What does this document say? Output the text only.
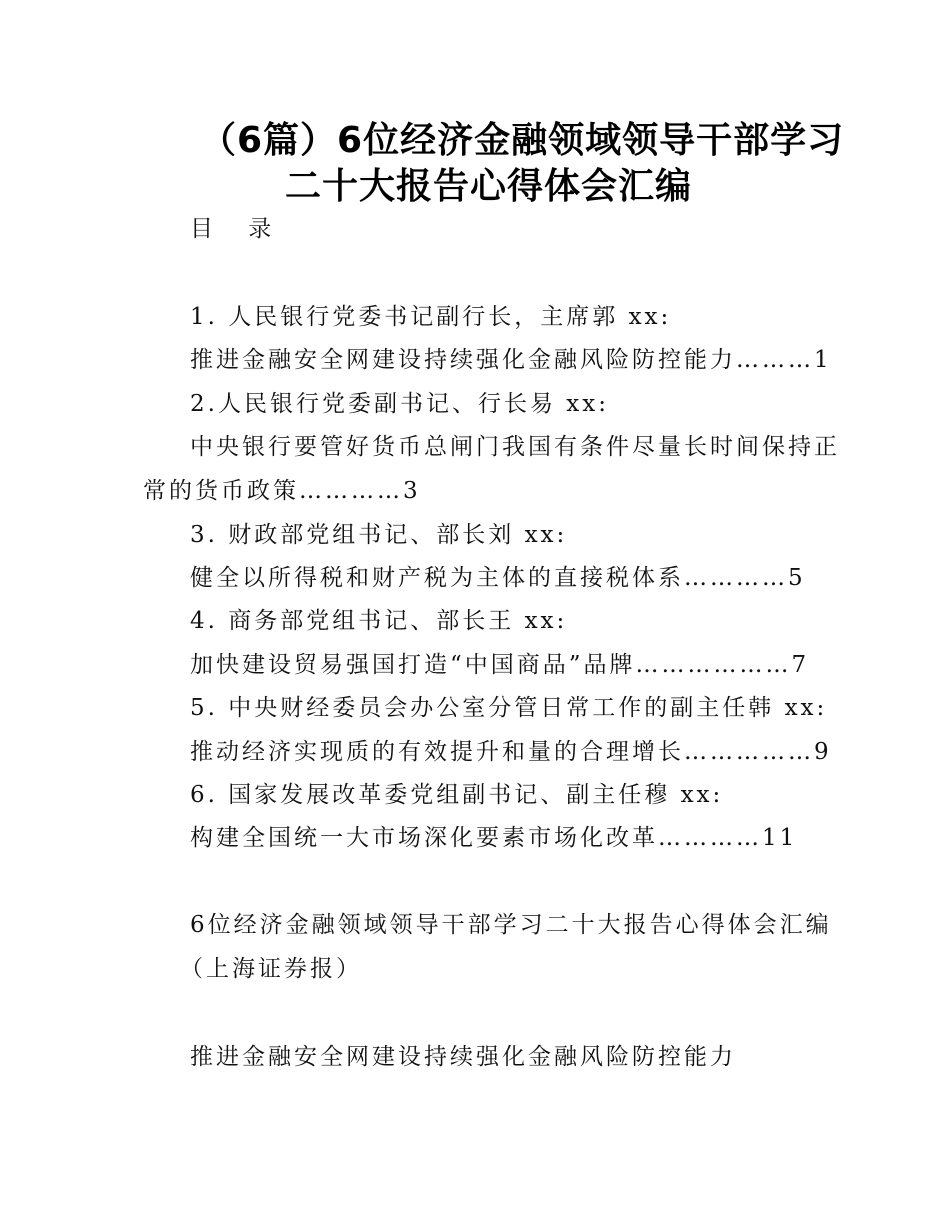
（6篇）6位经济金融领域领导干部学习
二十大报告心得体会汇编
目 录
1. 人民银行党委书记副行长，主席郭 xx:
推进金融安全网建设持续强化金融风险防控能力………1
2.人民银行党委副书记、行长易 xx:
中央银行要管好货币总闸门我国有条件尽量长时间保持正
常的货币政策…………3
3. 财政部党组书记、部长刘 xx:
健全以所得税和财产税为主体的直接税体系…………5
4. 商务部党组书记、部长王 xx:
加快建设贸易强国打造“中国商品”品牌………………7
5. 中央财经委员会办公室分管日常工作的副主任韩 xx:
推动经济实现质的有效提升和量的合理增长……………9
6. 国家发展改革委党组副书记、副主任穆 xx:
构建全国统一大市场深化要素市场化改革…………11
6位经济金融领域领导干部学习二十大报告心得体会汇编
（上海证券报）
推进金融安全网建设持续强化金融风险防控能力
